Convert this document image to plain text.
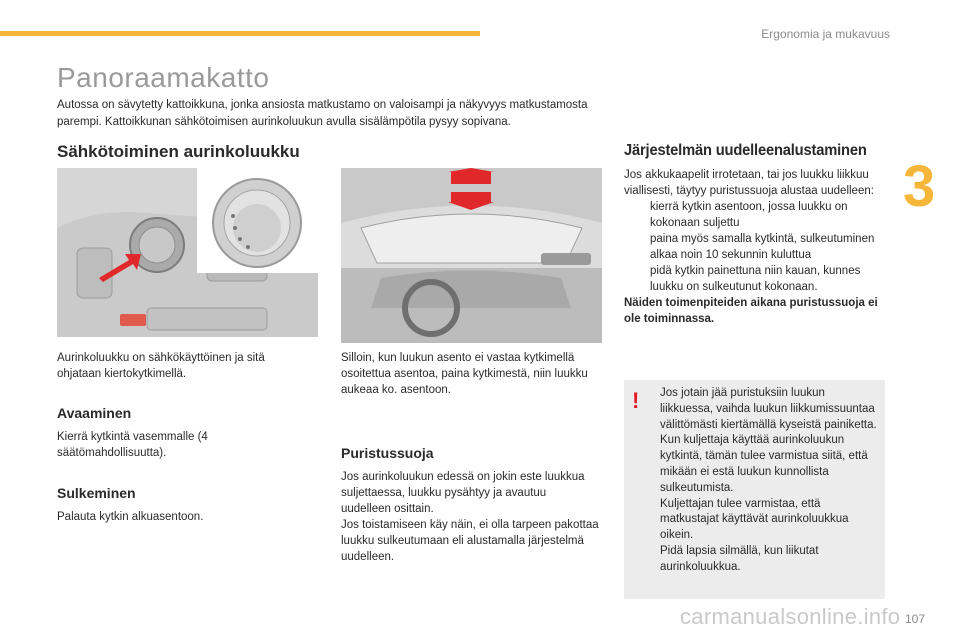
Ergonomia ja mukavuus
3
Panoraamakatto
Autossa on sävytetty kattoikkuna, jonka ansiosta matkustamo on valoisampi ja näkyvyys matkustamosta parempi. Kattoikkunan sähkötoimisen aurinkoluukun avulla sisälämpötila pysyy sopivana.
Sähkötoiminen aurinkoluukku
Aurinkoluukku on sähkökäyttöinen ja sitä ohjataan kiertokytkimellä.
Avaaminen
Kierrä kytkintä vasemmalle (4 säätömahdollisuutta).
Sulkeminen
Palauta kytkin alkuasentoon.
Silloin, kun luukun asento ei vastaa kytkimellä osoitettua asentoa, paina kytkimestä, niin luukku aukeaa ko. asentoon.
Puristussuoja
Jos aurinkoluukun edessä on jokin este luukkua suljettaessa, luukku pysähtyy ja avautuu uudelleen osittain.
Jos toistamiseen käy näin, ei olla tarpeen pakottaa luukku sulkeutumaan eli alustamalla järjestelmä uudelleen.
Järjestelmän uudelleenalustaminen
Jos akkukaapelit irrotetaan, tai jos luukku liikkuu viallisesti, täytyy puristussuoja alustaa uudelleen:
kierrä kytkin asentoon, jossa luukku on kokonaan suljettu
paina myös samalla kytkintä, sulkeutuminen alkaa noin 10 sekunnin kuluttua
pidä kytkin painettuna niin kauan, kunnes luukku on sulkeutunut kokonaan.
Näiden toimenpiteiden aikana puristussuoja ei ole toiminnassa.
! Jos jotain jää puristuksiin luukun liikkuessa, vaihda luukun liikkumissuuntaa välittömästi kiertämällä kyseistä painiketta.
Kun kuljettaja käyttää aurinkoluukun kytkintä, tämän tulee varmistua siitä, että mikään ei estä luukun kunnollista sulkeutumista.
Kuljettajan tulee varmistaa, että matkustajat käyttävät aurinkoluukkua oikein.
Pidä lapsia silmällä, kun liikutat aurinkoluukkua.
carmanualsonline.info 107
